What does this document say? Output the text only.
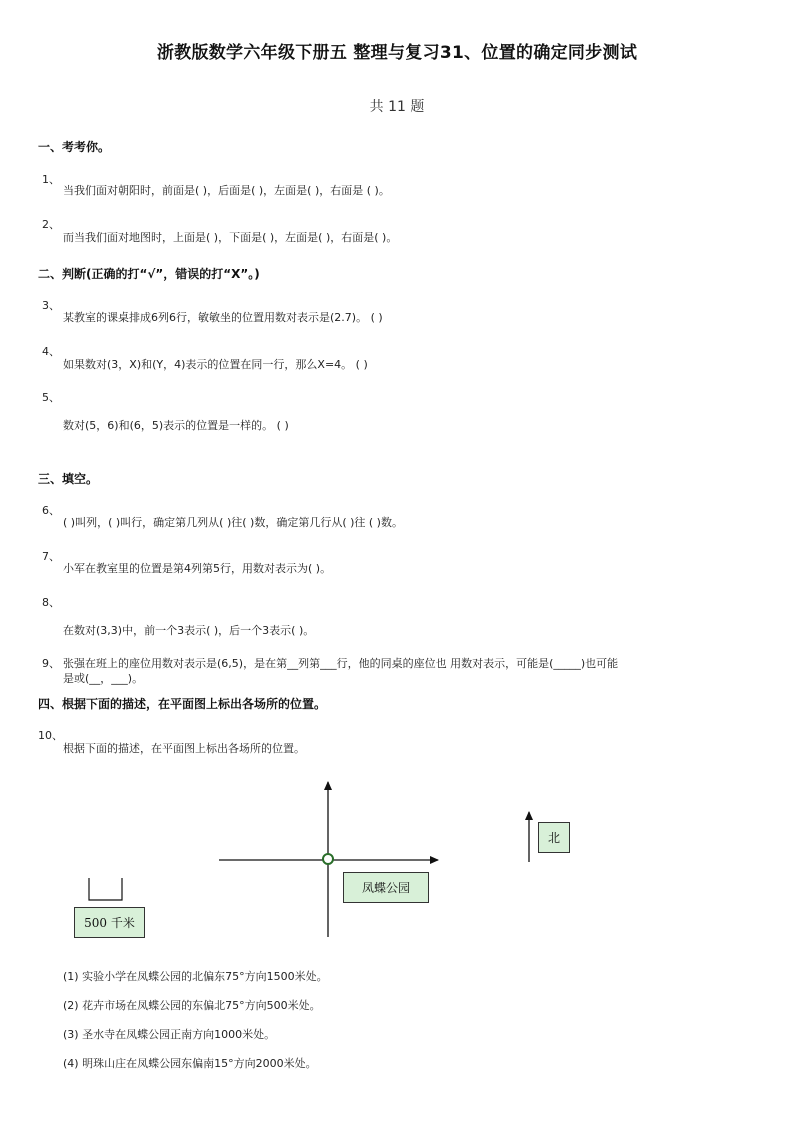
浙教版数学六年级下册五 整理与复习31、位置的确定同步测试
共 11 题
一、考考你。
1、
当我们面对朝阳时，前面是( )，后面是( )，左面是( )，右面是 ( )。
2、
而当我们面对地图时，上面是( )，下面是( )，左面是( )，右面是( )。
二、判断(正确的打“√”，错误的打“X”。)
3、
某教室的课桌排成6列6行，敏敏坐的位置用数对表示是(2.7)。 ( )
4、
如果数对(3，X)和(Y，4)表示的位置在同一行，那么X=4。 ( )
5、
数对(5，6)和(6，5)表示的位置是一样的。 ( )
三、填空。
6、
( )叫列，( )叫行，确定第几列从( )往( )数，确定第几行从( )往 ( )数。
7、
小军在教室里的位置是第4列第5行，用数对表示为( )。
8、
在数对(3,3)中，前一个3表示( )，后一个3表示( )。
9、 张强在班上的座位用数对表示是(6,5)，是在第__列第___行，他的同桌的座位也 用数对表示，可能是(_____)也可能
是或(__，___)。
四、根据下面的描述，在平面图上标出各场所的位置。
10、
根据下面的描述，在平面图上标出各场所的位置。
凤蝶公园
北
500 千米
(1) 实验小学在凤蝶公园的北偏东75°方向1500米处。
(2) 花卉市场在凤蝶公园的东偏北75°方向500米处。
(3) 圣水寺在凤蝶公园正南方向1000米处。
(4) 明珠山庄在凤蝶公园东偏南15°方向2000米处。
